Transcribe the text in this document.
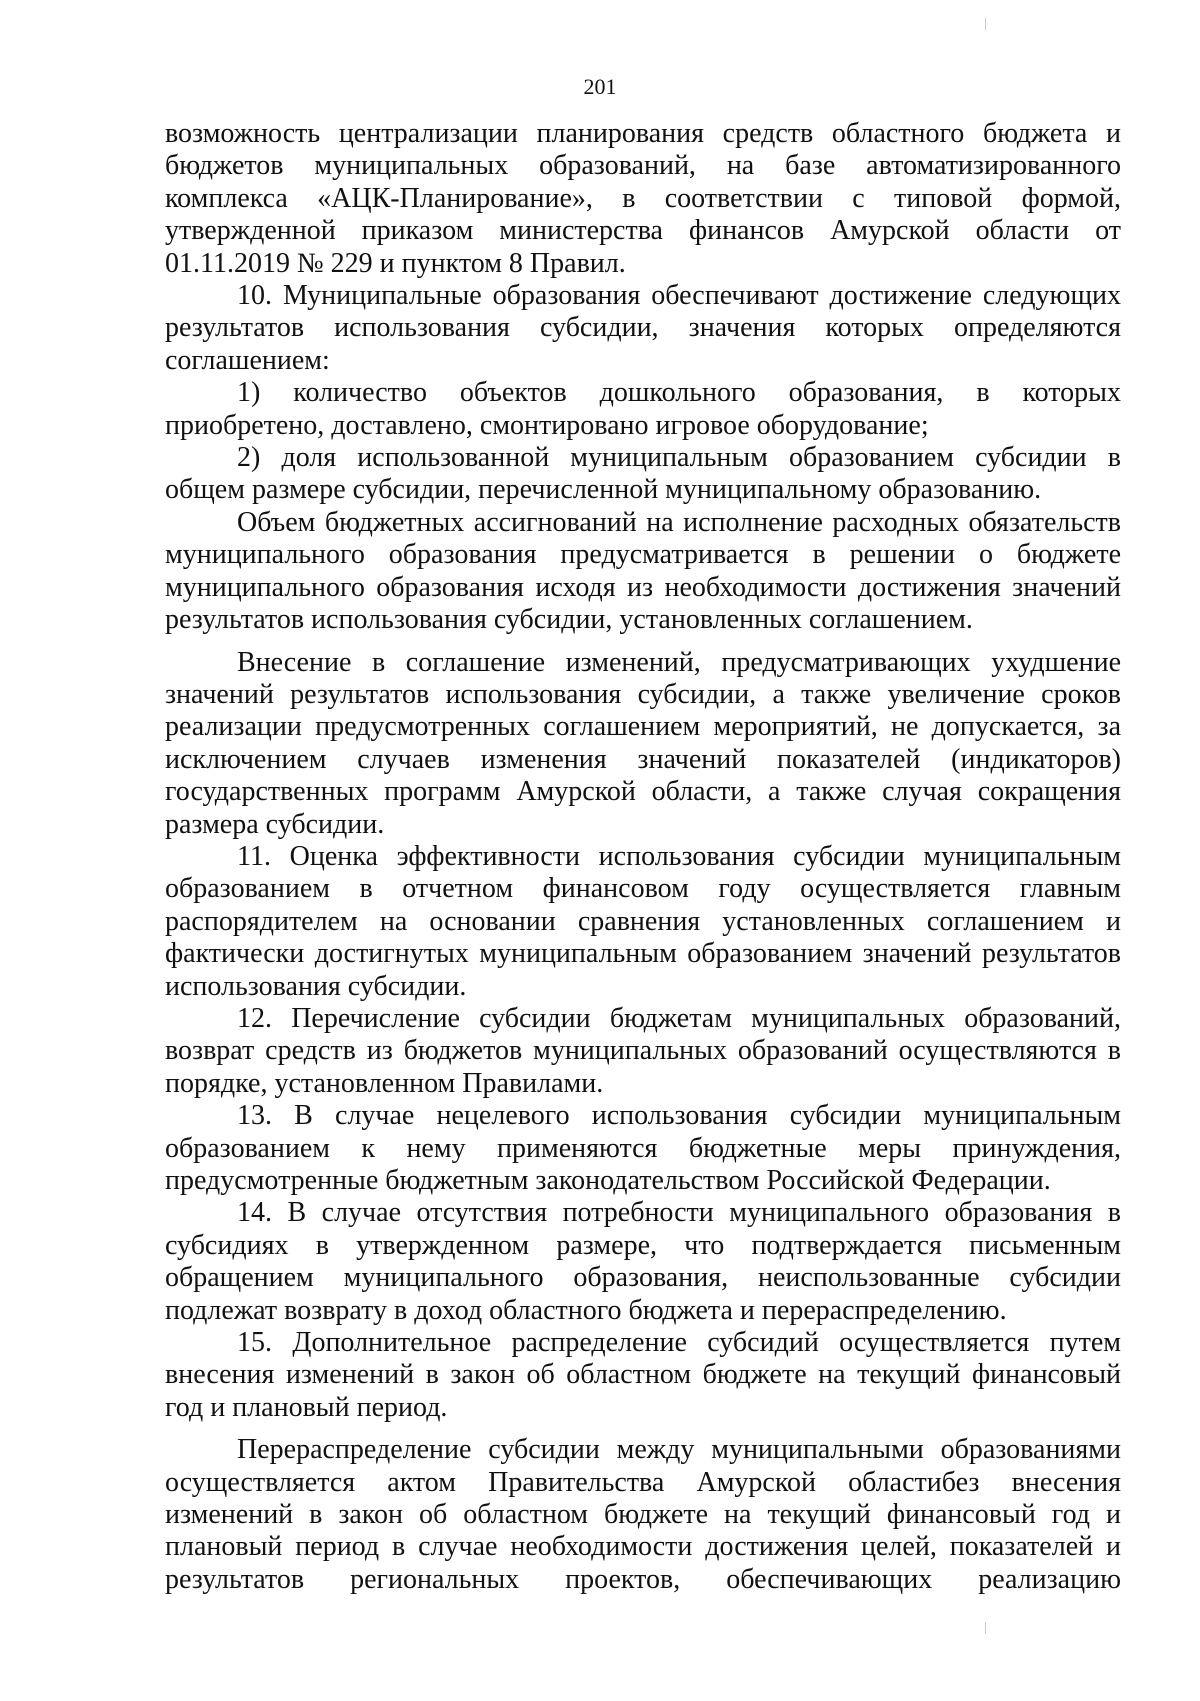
201

возможность централизации планирования средств областного бюджета и бюджетов муниципальных образований, на базе автоматизированного комплекса «АЦК-Планирование», в соответствии с типовой формой, утвержденной приказом министерства финансов Амурской области от 01.11.2019 № 229 и пунктом 8 Правил.

10. Муниципальные образования обеспечивают достижение следующих результатов использования субсидии, значения которых определяются соглашением:

1) количество объектов дошкольного образования, в которых приобретено, доставлено, смонтировано игровое оборудование;

2) доля использованной муниципальным образованием субсидии в общем размере субсидии, перечисленной муниципальному образованию.

Объем бюджетных ассигнований на исполнение расходных обязательств муниципального образования предусматривается в решении о бюджете муниципального образования исходя из необходимости достижения значений результатов использования субсидии, установленных соглашением.

Внесение в соглашение изменений, предусматривающих ухудшение значений результатов использования субсидии, а также увеличение сроков реализации предусмотренных соглашением мероприятий, не допускается, за исключением случаев изменения значений показателей (индикаторов) государственных программ Амурской области, а также случая сокращения размера субсидии.

11. Оценка эффективности использования субсидии муниципальным образованием в отчетном финансовом году осуществляется главным распорядителем на основании сравнения установленных соглашением и фактически достигнутых муниципальным образованием значений результатов использования субсидии.

12. Перечисление субсидии бюджетам муниципальных образований, возврат средств из бюджетов муниципальных образований осуществляются в порядке, установленном Правилами.

13. В случае нецелевого использования субсидии муниципальным образованием к нему применяются бюджетные меры принуждения, предусмотренные бюджетным законодательством Российской Федерации.

14. В случае отсутствия потребности муниципального образования в субсидиях в утвержденном размере, что подтверждается письменным обращением муниципального образования, неиспользованные субсидии подлежат возврату в доход областного бюджета и перераспределению.

15. Дополнительное распределение субсидий осуществляется путем внесения изменений в закон об областном бюджете на текущий финансовый год и плановый период.

Перераспределение субсидии между муниципальными образованиями осуществляется актом Правительства Амурской областибез внесения изменений в закон об областном бюджете на текущий финансовый год и плановый период в случае необходимости достижения целей, показателей и результатов региональных проектов, обеспечивающих реализацию
